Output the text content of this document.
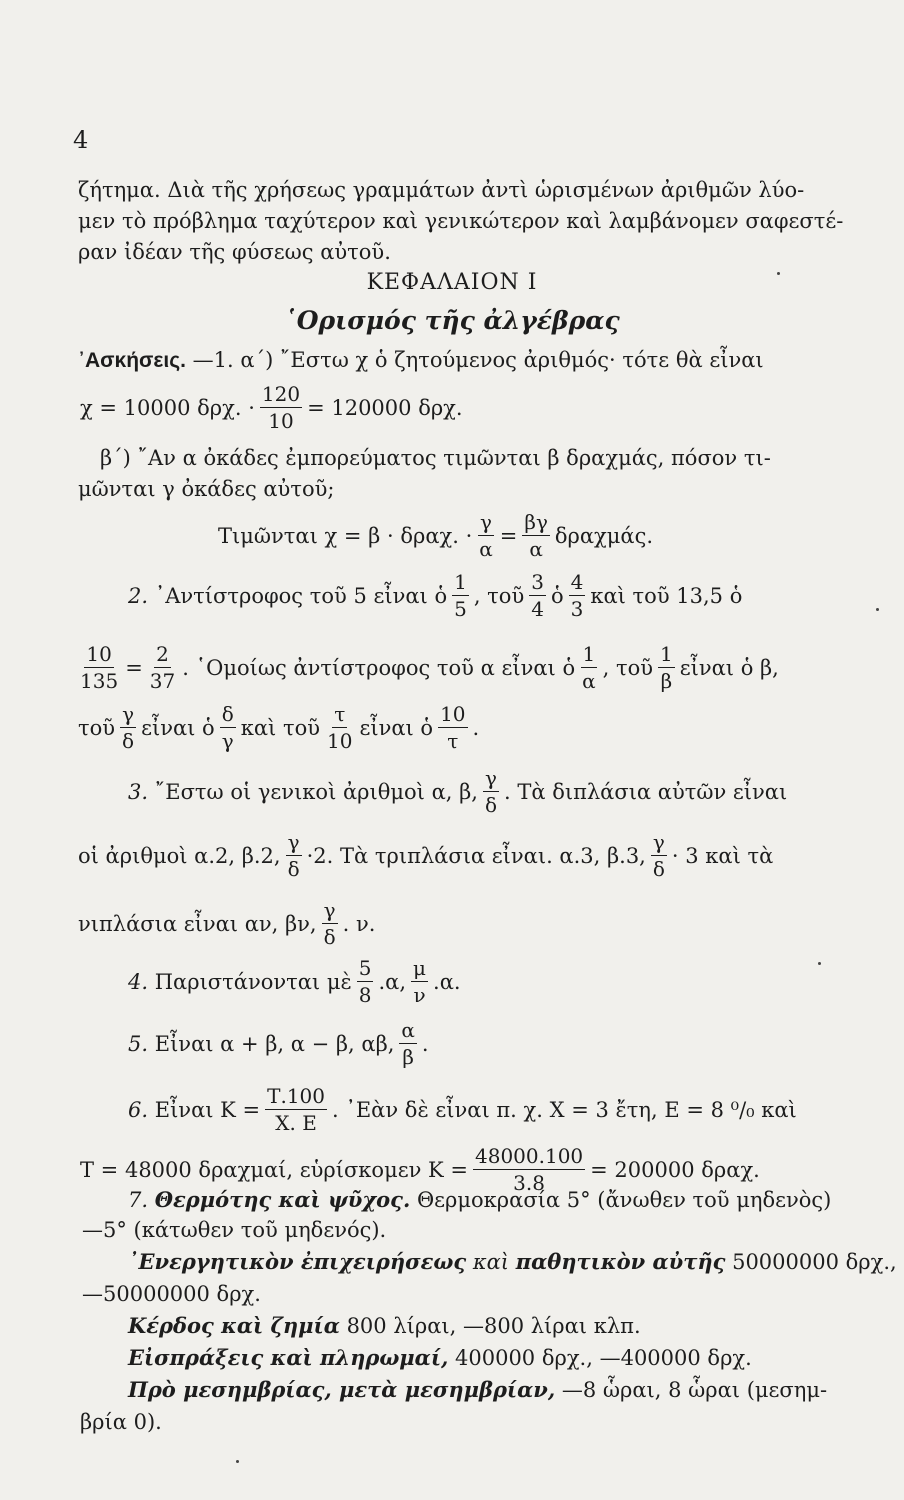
4
ζήτημα. Διὰ τῆς χρήσεως γραμμάτων ἀντὶ ὡρισμένων ἀριθμῶν λύο-
μεν τὸ πρόβλημα ταχύτερον καὶ γενικώτερον καὶ λαμβάνομεν σαφεστέ-
ραν ἰδέαν τῆς φύσεως αὐτοῦ.
ΚΕΦΑΛΑΙΟΝ Ι
῾Ορισμός τῆς ἀλγέβρας
᾿Ασκήσεις. —1. α΄) ῎Εστω χ ὁ ζητούμενος ἀριθμός· τότε θὰ εἶναι
χ = 10000 δρχ. · $\frac{120}{10} = 120000$ δρχ.
β΄) ῎Αν α ὀκάδες ἐμπορεύματος τιμῶνται β δραχμάς, πόσον τι-
μῶνται γ ὀκάδες αὐτοῦ;
Τιμῶνται χ = β · δραχ. · $\frac{\gamma}{\alpha} = \frac{\beta\gamma}{\alpha} \delta\rho\alpha\chi\mu ά\varsigma$.
2.
᾿Αντίστροφος τοῦ 5 εἶναι ὁ $\frac{1}{5}$ , τοῦ $\frac{3}{4}$ ὁ $\frac{4}{3}$ καὶ τοῦ 13,5 ὁ
$\frac{10}{135} = \frac{2}{37}$ . ῾Ομοίως ἀντίστροφος τοῦ α εἶναι ὁ $\frac{1}{\alpha}$ , τοῦ $\frac{1}{\beta}$ εἶναι ὁ β,
τοῦ $\frac{\gamma}{\delta}$ εἶναι ὁ $\frac{\delta}{\gamma}$ καὶ τοῦ $\frac{\tau}{10}$ εἶναι ὁ $\frac{10}{\tau}$ .
3.
῎Εστω οἱ γενικοὶ ἀριθμοὶ α, β, $\frac{\gamma}{\delta}$ . Τὰ διπλάσια αὐτῶν εἶναι
οἱ ἀριθμοὶ α.2, β.2, $\frac{\gamma}{\delta} \cdot 2$. Τὰ τριπλάσια εἶναι. α.3, β.3, $\frac{\gamma}{\delta} \cdot 3$ καὶ τὰ
νιπλάσια εἶναι αν, βν, $\frac{\gamma}{\delta}$ . ν.
4.
Παριστάνονται μὲ $\frac{5}{8} .\alpha$, $\frac{\mu}{\nu} .\alpha$.
5.
Εἶναι α + β, α − β, αβ, $\frac{\alpha}{\beta}$ .
6.
Εἶναι $K = \frac{T.100}{X. E}$ . ᾿Εὰν δὲ εἶναι π. χ. Χ = 3 ἔτη, Ε = 8 ⁰/₀ καὶ
Τ = 48000 δραχμαί, εὑρίσκομεν $K = \frac{48000.100}{3.8} = 200000$ δραχ.
7. Θερμότης καὶ ψῦχος. Θερμοκρασία 5° (ἄνωθεν τοῦ μηδενὸς)
—5° (κάτωθεν τοῦ μηδενός).
᾿Ενεργητικὸν ἐπιχειρήσεως καὶ παθητικὸν αὐτῆς 50000000 δρχ.,
—50000000 δρχ.
Κέρδος καὶ ζημία 800 λίραι, —800 λίραι κλπ.
Εἰσπράξεις καὶ πληρωμαί, 400000 δρχ., —400000 δρχ.
Πρὸ μεσημβρίας, μετὰ μεσημβρίαν, —8 ὧραι, 8 ὧραι (μεσημ-
βρία 0).
